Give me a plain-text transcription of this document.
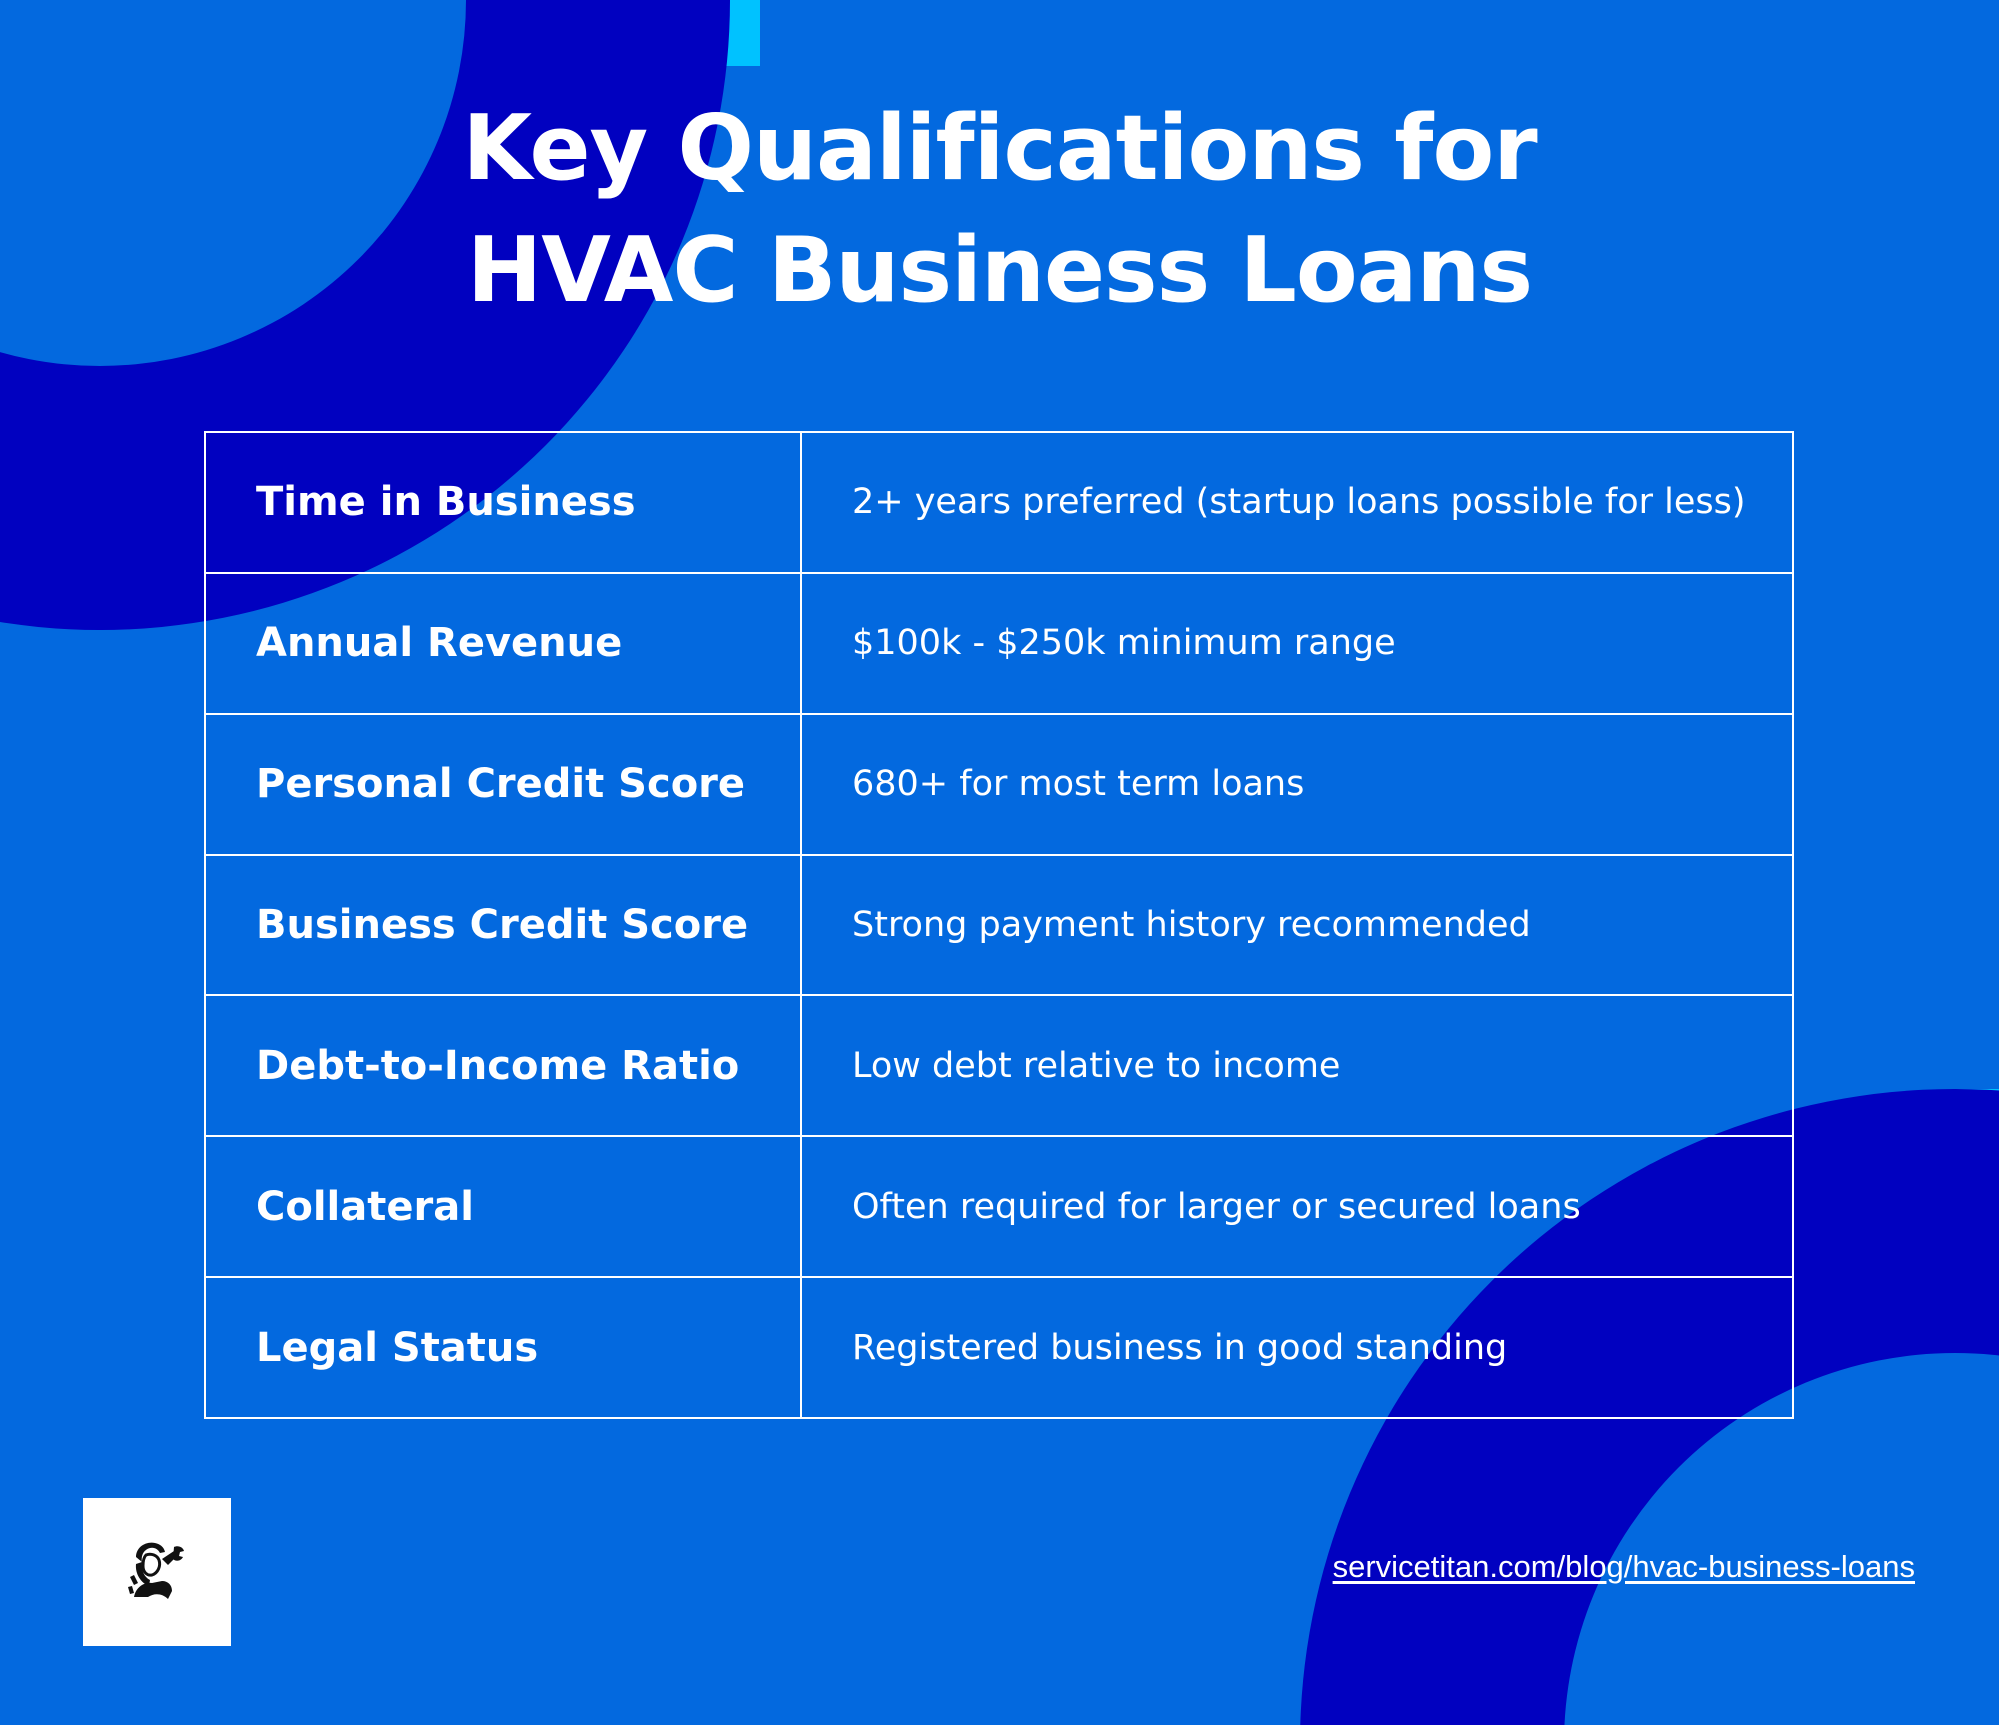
Key Qualifications for
HVAC Business Loans
Time in Business	2+ years preferred (startup loans possible for less)
Annual Revenue	$100k - $250k minimum range
Personal Credit Score	680+ for most term loans
Business Credit Score	Strong payment history recommended
Debt-to-Income Ratio	Low debt relative to income
Collateral	Often required for larger or secured loans
Legal Status	Registered business in good standing
servicetitan.com/blog/hvac-business-loans
